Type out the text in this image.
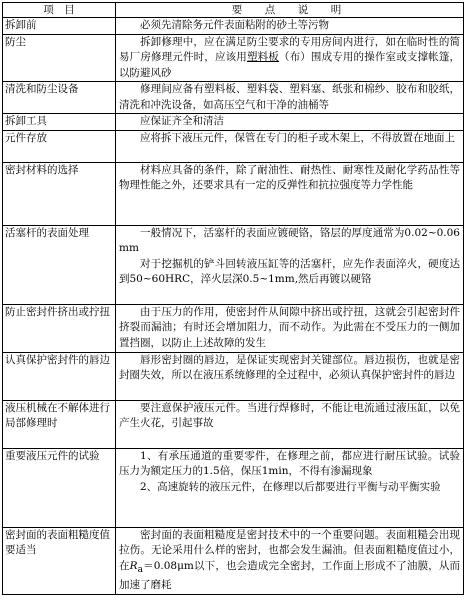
项　目	要　点　说　明
拆卸前	必须先清除务元件表面粘附的砂土等污物
防尘	拆卸修理中，应在满足防尘要求的专用房间内进行，如在临时性的简易厂房修理元件时，应该用塑料板（布）围成专用的操作室或支撑帐篷，以防避风砂
清洗和防尘设备	修理间应备有塑料板、塑料袋、塑料塞、纸张和棉纱、胶布和胶纸，清洗和冲洗设备，如高压空气和干净的油桶等
拆卸工具	应保证齐全和清洁
元件存放	应将拆下液压元件，保管在专门的柜子或木架上，不得放置在地面上
密封材料的选择	材料应具备的条件，除了耐油性、耐热性、耐寒性及耐化学药品性等物理性能之外，还要求具有一定的反弹性和抗拉强度等力学性能
活塞杆的表面处理	一般情况下，活塞杆的表面应镀硬铬，铬层的厚度通常为0.02~0.06mm

对于挖掘机的铲斗回转液压缸等的活塞杆，应先作表面淬火，硬度达到50~60HRC，淬火层深0.5~1mm,然后再镀以硬铬

防止密封件挤出或拧扭	由于压力的作用，使密封件从间隙中挤出或拧扭，这就会引起密封件挤裂而漏油；有时还会增加阻力，而不动作。为此需在不受压力的一侧加置挡圈，以防止上述故障的发生
认真保护密封件的唇边	唇形密封圈的唇边，是保证实现密封关键部位。唇边损伤，也就是密封圈失效，所以在液压系统修理的全过程中，必须认真保护密封件的唇边
液压机械在不解体进行局部修理时	要注意保护液压元件。当进行焊修时，不能让电流通过液压缸，以免产生火花，引起事故
重要液压元件的试验	1、有承压通道的重要零件，在修理之前，都应进行耐压试验。试验压力为额定压力的1.5倍，保压1min，不得有渗漏现象

2、高速旋转的液压元件，在修理以后都要进行平衡与动平衡实验

密封面的表面粗糙度值要适当	密封面的表面粗糙度是密封技术中的一个重要问题。表面粗糙会出现拉伤。无论采用什么样的密封，也都会发生漏油。但表面粗糙度值过小，在$R_a=0.08\mu m$以下，也会造成完全密封，工作面上形成不了油膜，从而加速了磨耗
